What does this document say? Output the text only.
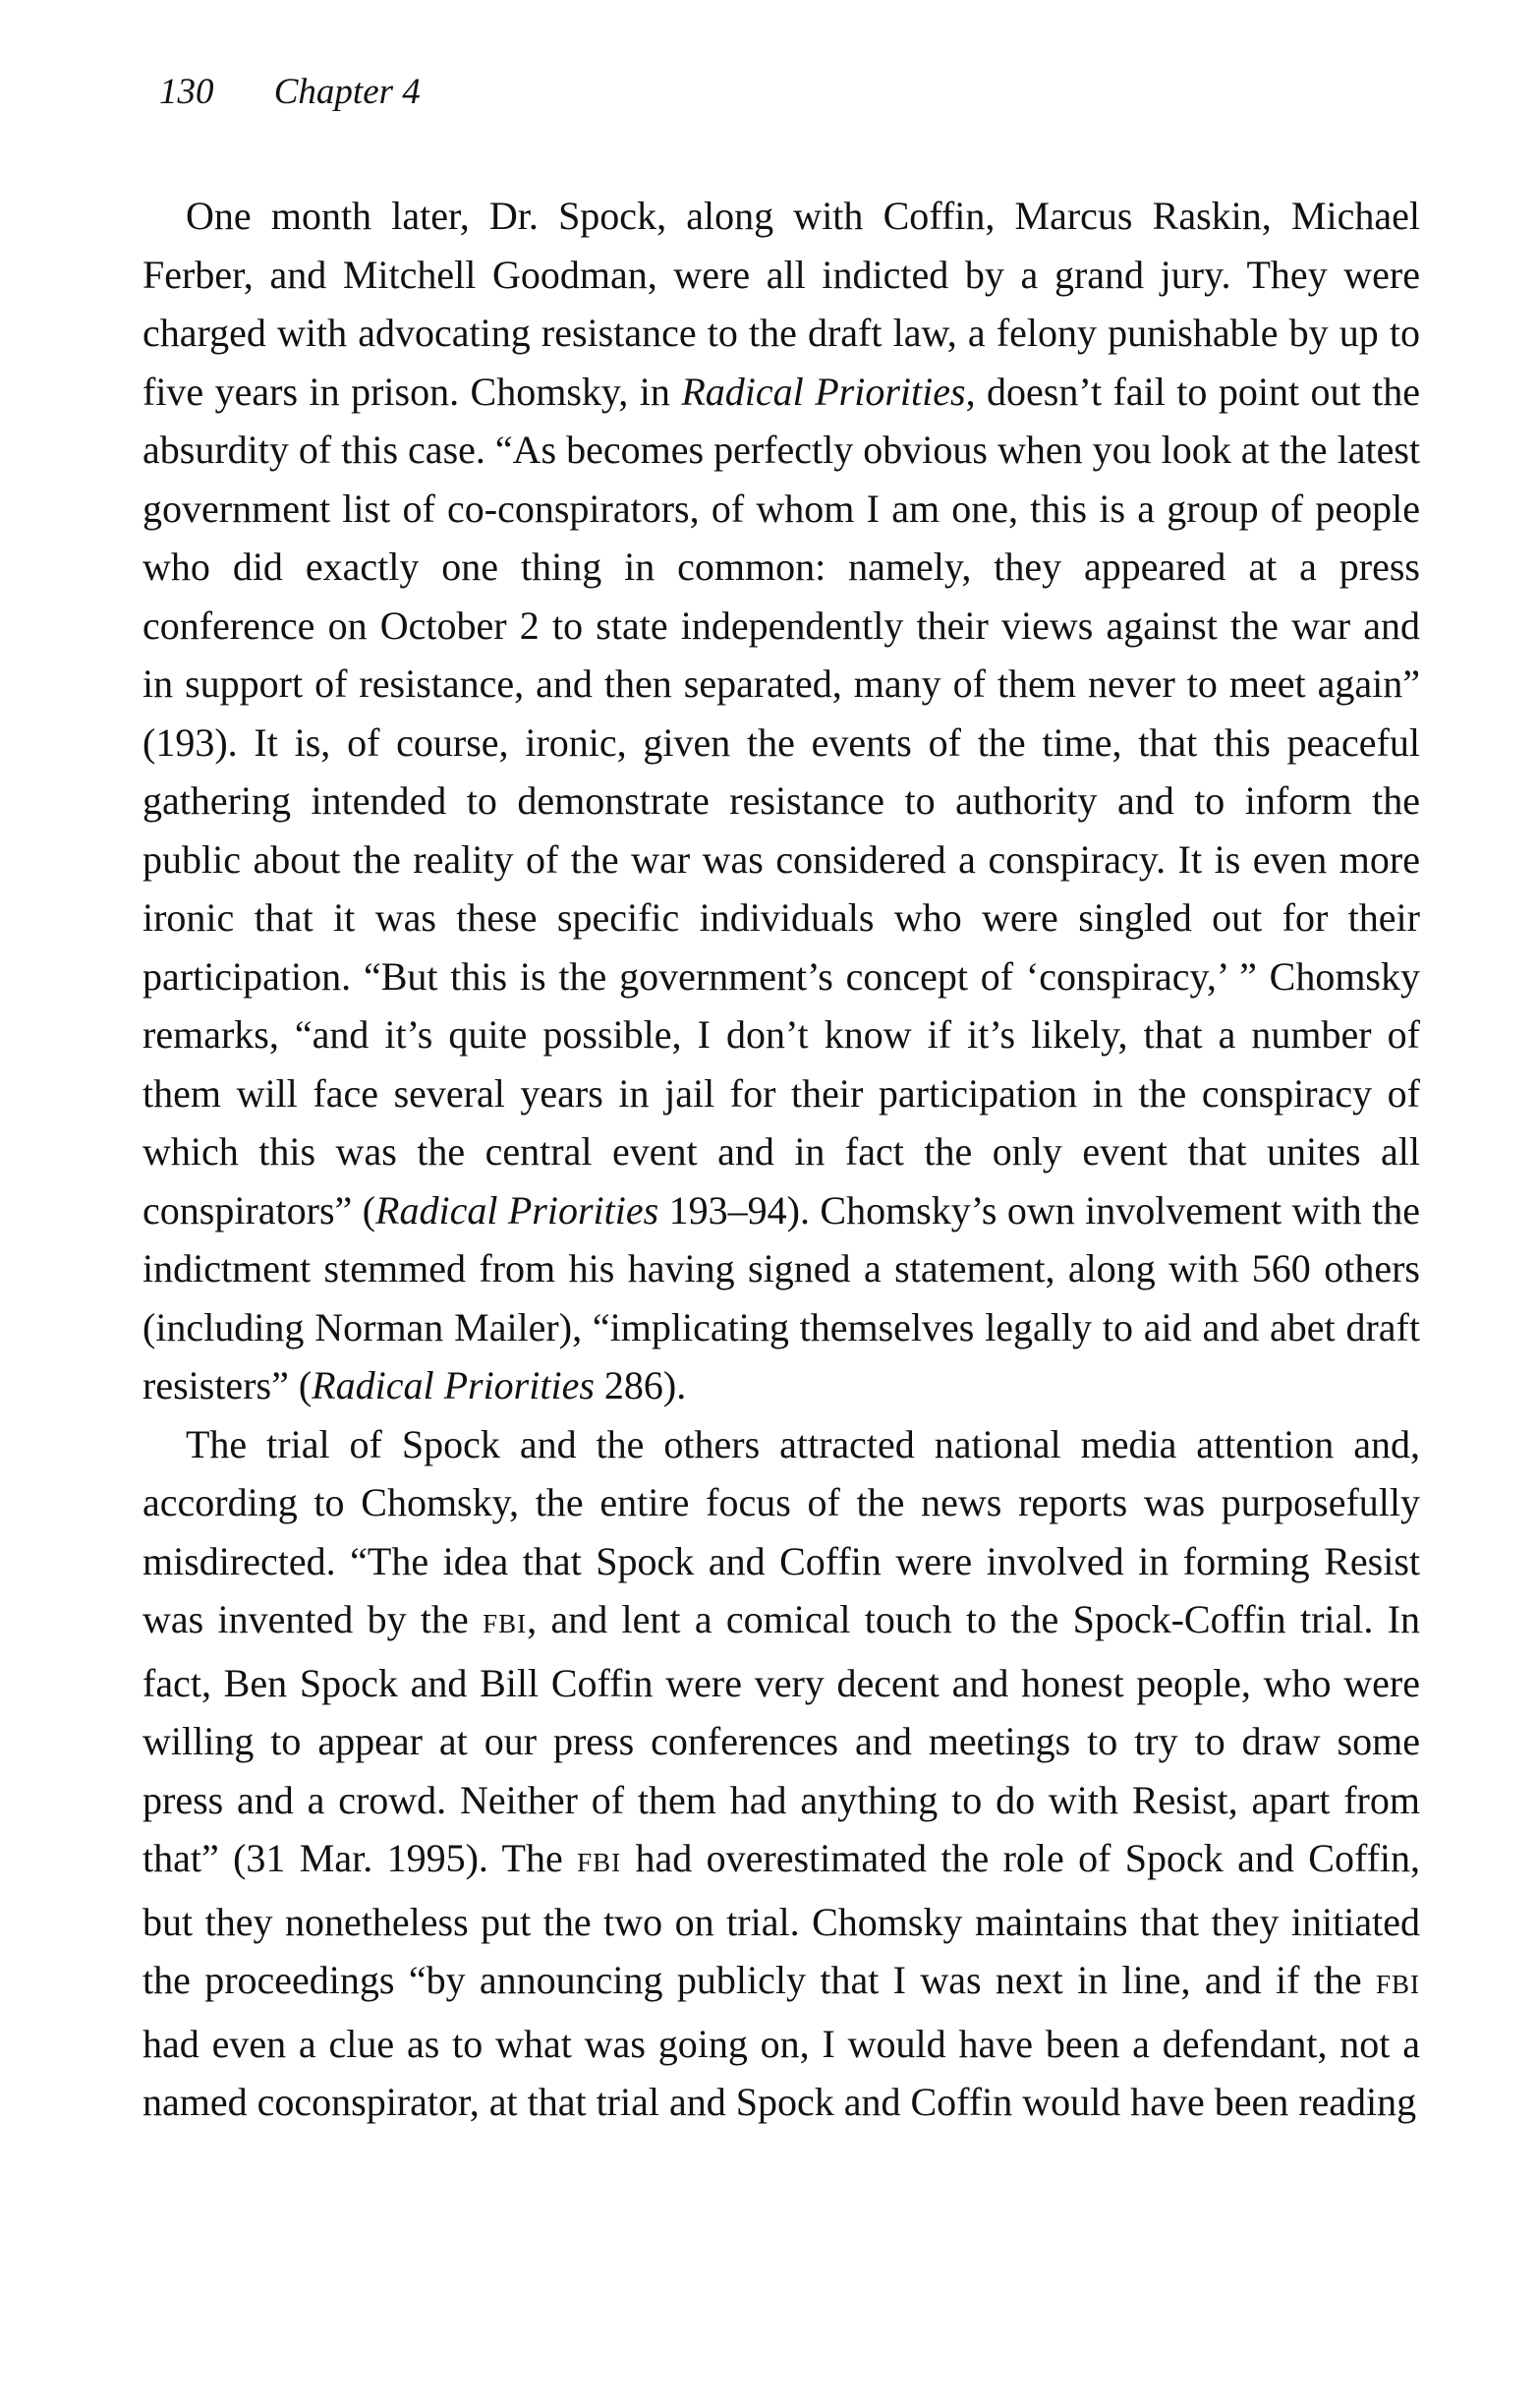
130 Chapter 4

One month later, Dr. Spock, along with Coffin, Marcus Raskin, Michael Ferber, and Mitchell Goodman, were all indicted by a grand jury. They were charged with advocating resistance to the draft law, a felony punishable by up to five years in prison. Chomsky, in Radical Priorities, doesn’t fail to point out the absurdity of this case. “As becomes perfectly obvious when you look at the latest government list of co-conspirators, of whom I am one, this is a group of people who did exactly one thing in common: namely, they appeared at a press conference on October 2 to state independently their views against the war and in support of resistance, and then separated, many of them never to meet again” (193). It is, of course, ironic, given the events of the time, that this peaceful gathering intended to demonstrate resistance to authority and to inform the public about the reality of the war was considered a conspiracy. It is even more ironic that it was these specific individuals who were singled out for their participation. “But this is the government’s concept of ‘conspiracy,’ ” Chomsky remarks, “and it’s quite possible, I don’t know if it’s likely, that a number of them will face several years in jail for their participation in the conspiracy of which this was the central event and in fact the only event that unites all conspirators” (Radical Priorities 193–94). Chomsky’s own involvement with the indictment stemmed from his having signed a statement, along with 560 others (including Norman Mailer), “implicating themselves legally to aid and abet draft resisters” (Radical Priorities 286).

The trial of Spock and the others attracted national media attention and, according to Chomsky, the entire focus of the news reports was purposefully misdirected. “The idea that Spock and Coffin were involved in forming Resist was invented by the FBI, and lent a comical touch to the Spock-Coffin trial. In fact, Ben Spock and Bill Coffin were very decent and honest people, who were willing to appear at our press conferences and meetings to try to draw some press and a crowd. Neither of them had anything to do with Resist, apart from that” (31 Mar. 1995). The FBI had overestimated the role of Spock and Coffin, but they nonetheless put the two on trial. Chomsky maintains that they initiated the proceedings “by announcing publicly that I was next in line, and if the FBI had even a clue as to what was going on, I would have been a defendant, not a named coconspirator, at that trial and Spock and Coffin would have been reading
